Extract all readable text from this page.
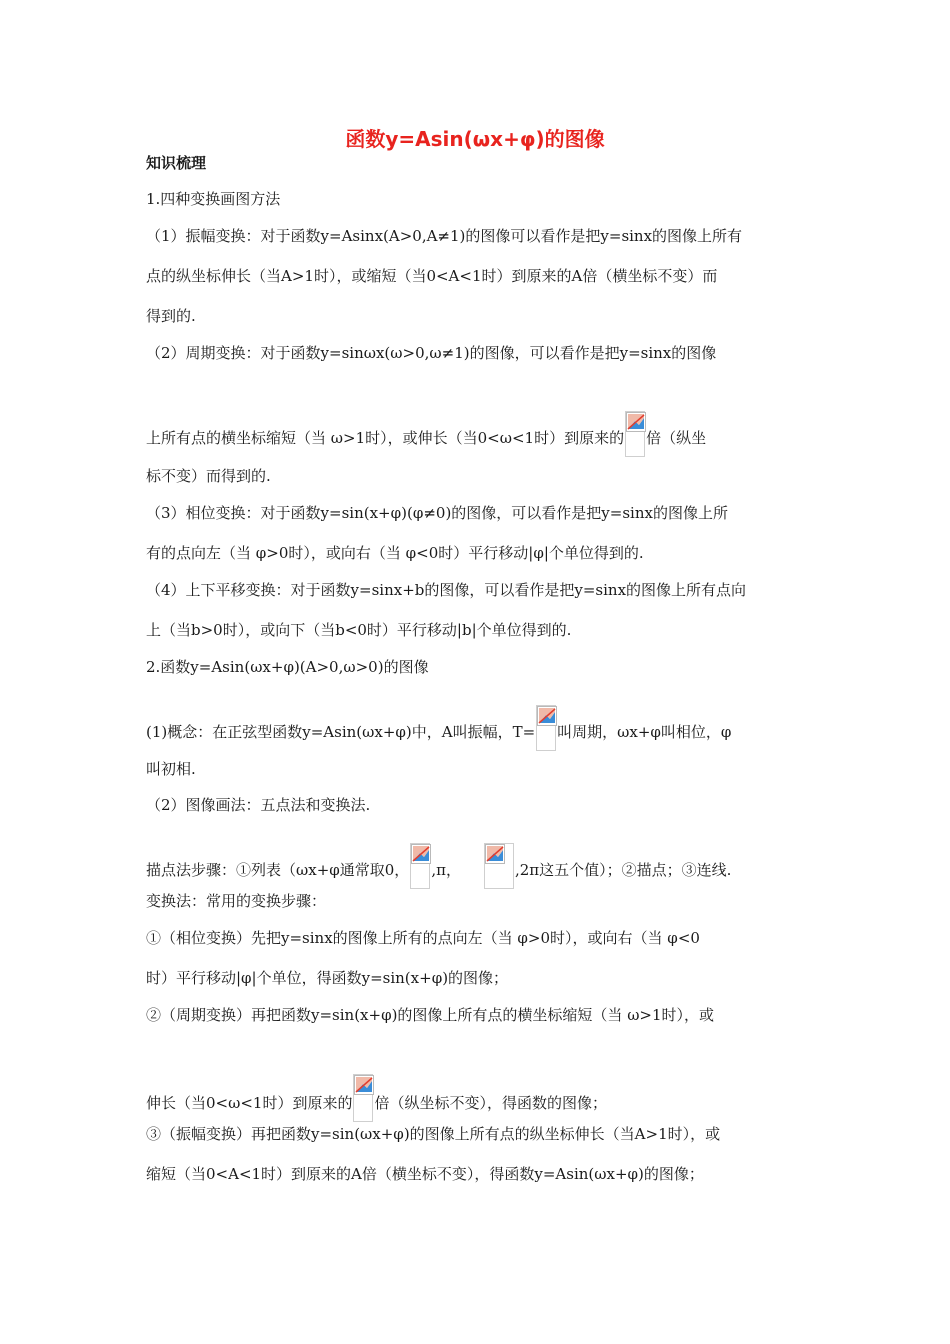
函数y=Asin(ωx+φ)的图像
知识梳理
1.四种变换画图方法
（1）振幅变换：对于函数y=Asinx(A>0,A≠1)的图像可以看作是把y=sinx的图像上所有
点的纵坐标伸长（当A>1时），或缩短（当0<A<1时）到原来的A倍（横坐标不变）而
得到的.
（2）周期变换：对于函数y=sinωx(ω>0,ω≠1)的图像，可以看作是把y=sinx的图像
上所有点的横坐标缩短（当 ω>1时），或伸长（当0<ω<1时）到原来的 倍（纵坐
标不变）而得到的.
（3）相位变换：对于函数y=sin(x+φ)(φ≠0)的图像，可以看作是把y=sinx的图像上所
有的点向左（当 φ>0时），或向右（当 φ<0时）平行移动|φ|个单位得到的.
（4）上下平移变换：对于函数y=sinx+b的图像，可以看作是把y=sinx的图像上所有点向
上（当b>0时），或向下（当b<0时）平行移动|b|个单位得到的.
2.函数y=Asin(ωx+φ)(A>0,ω>0)的图像
(1)概念：在正弦型函数y=Asin(ωx+φ)中，A叫振幅，T= 叫周期，ωx+φ叫相位，φ
叫初相.
（2）图像画法：五点法和变换法.
描点法步骤：①列表（ωx+φ通常取0， ,π，	,2π这五个值）；②描点；③连线.
变换法：常用的变换步骤：
①（相位变换）先把y=sinx的图像上所有的点向左（当 φ>0时），或向右（当 φ<0
时）平行移动|φ|个单位，得函数y=sin(x+φ)的图像；
②（周期变换）再把函数y=sin(x+φ)的图像上所有点的横坐标缩短（当 ω>1时），或
伸长（当0<ω<1时）到原来的 倍（纵坐标不变），得函数的图像；
③（振幅变换）再把函数y=sin(ωx+φ)的图像上所有点的纵坐标伸长（当A>1时），或
缩短（当0<A<1时）到原来的A倍（横坐标不变），得函数y=Asin(ωx+φ)的图像；
